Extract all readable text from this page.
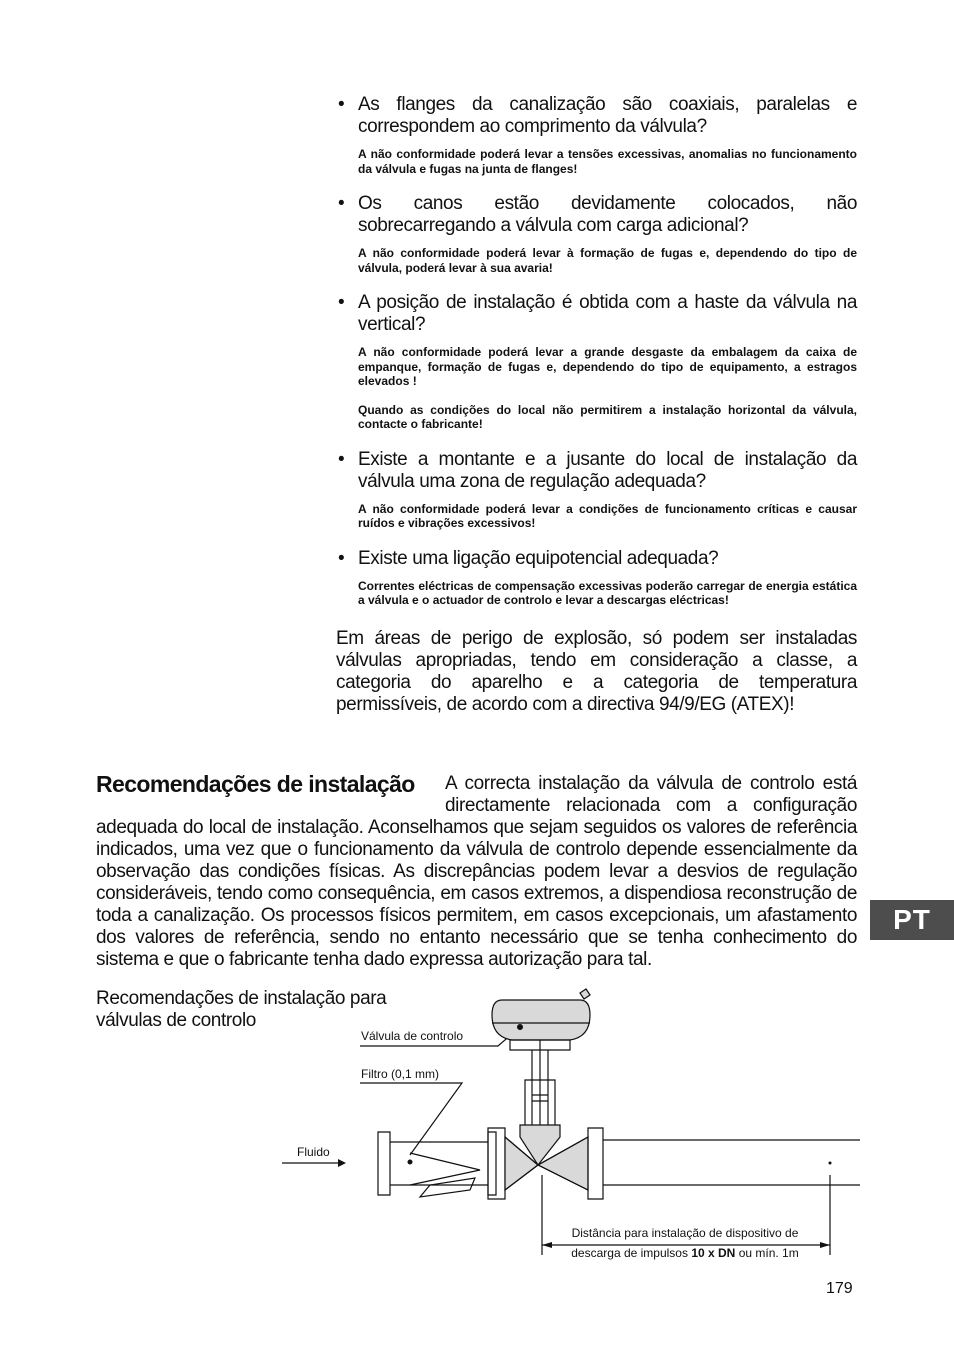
• As flanges da canalização são coaxiais, paralelas e correspondem ao comprimento da válvula?
A não conformidade poderá levar a tensões excessivas, anomalias no funcionamento da válvula e fugas na junta de flanges!
• Os canos estão devidamente colocados, não sobrecarregando a válvula com carga adicional?
A não conformidade poderá levar à formação de fugas e, dependendo do tipo de válvula, poderá levar à sua avaria!
• A posição de instalação é obtida com a haste da válvula na vertical?
A não conformidade poderá levar a grande desgaste da embalagem da caixa de empanque, formação de fugas e, dependendo do tipo de equipamento, a estragos elevados !
Quando as condições do local não permitirem a instalação horizontal da válvula, contacte o fabricante!
• Existe a montante e a jusante do local de instalação da válvula uma zona de regulação adequada?
A não conformidade poderá levar a condições de funcionamento críticas e causar ruídos e vibrações excessivos!
• Existe uma ligação equipotencial adequada?
Correntes eléctricas de compensação excessivas poderão carregar de energia estática a válvula e o actuador de controlo e levar a descargas eléctricas!
Em áreas de perigo de explosão, só podem ser instaladas válvulas apropriadas, tendo em consideração a classe, a categoria do aparelho e a categoria de temperatura permissíveis, de acordo com a directiva 94/9/EG (ATEX)!
Recomendações de instalação	A correcta instalação da válvula de controlo está directamente relacionada com a configuração adequada do local de instalação. Aconselhamos que sejam seguidos os valores de referência indicados, uma vez que o funcionamento da válvula de controlo depende essencialmente da observação das condições físicas. As discrepâncias podem levar a desvios de regulação consideráveis, tendo como consequência, em casos extremos, a dispendiosa reconstrução de toda a canalização. Os processos físicos permitem, em casos excepcionais, um afastamento dos valores de referência, sendo no entanto necessário que se tenha conhecimento do sistema e que o fabricante tenha dado expressa autorização para tal.
Recomendações de instalação para válvulas de controlo
Válvula de controlo
Filtro (0,1 mm)
Fluido
Distância para instalação de dispositivo de
descarga de impulsos 10 x DN ou mín. 1m
PT
179
